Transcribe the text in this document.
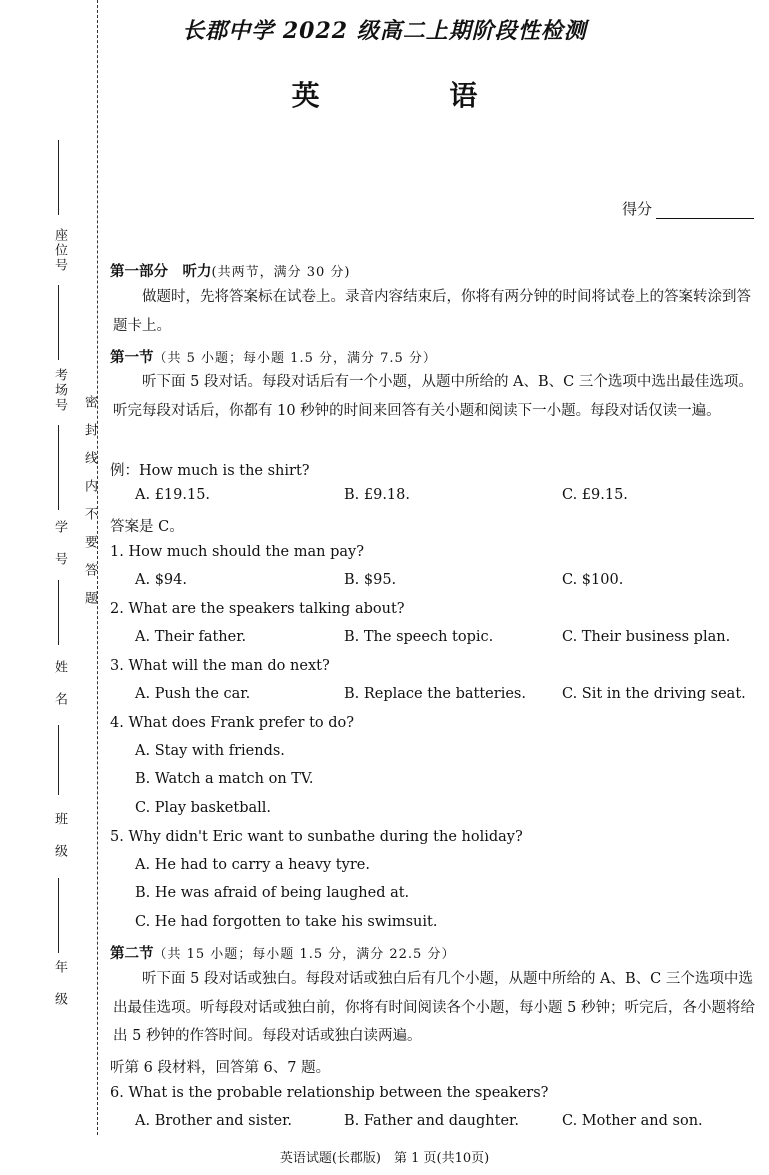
座位号
考场号
学 号
姓 名
班 级
年 级
密封线内不要答题
长郡中学 2022 级高二上期阶段性检测
英 语
得分
第一部分　听力(共两节，满分 30 分)
做题时，先将答案标在试卷上。录音内容结束后，你将有两分钟的时间将试卷上的答案转涂到答题卡上。
第一节（共 5 小题；每小题 1.5 分，满分 7.5 分）
听下面 5 段对话。每段对话后有一个小题，从题中所给的 A、B、C 三个选项中选出最佳选项。听完每段对话后，你都有 10 秒钟的时间来回答有关小题和阅读下一小题。每段对话仅读一遍。
例：How much is the shirt?
A. £19.15.	B. £9.18.	C. £9.15.
答案是 C。
1. How much should the man pay?
A. $94.	B. $95.	C. $100.
2. What are the speakers talking about?
A. Their father.	B. The speech topic.	C. Their business plan.
3. What will the man do next?
A. Push the car.	B. Replace the batteries. C. Sit in the driving seat.
4. What does Frank prefer to do?
A. Stay with friends.
B. Watch a match on TV.
C. Play basketball.
5. Why didn't Eric want to sunbathe during the holiday?
A. He had to carry a heavy tyre.
B. He was afraid of being laughed at.
C. He had forgotten to take his swimsuit.
第二节（共 15 小题；每小题 1.5 分，满分 22.5 分）
听下面 5 段对话或独白。每段对话或独白后有几个小题，从题中所给的 A、B、C 三个选项中选出最佳选项。听每段对话或独白前，你将有时间阅读各个小题，每小题 5 秒钟；听完后，各小题将给出 5 秒钟的作答时间。每段对话或独白读两遍。
听第 6 段材料，回答第 6、7 题。
6. What is the probable relationship between the speakers?
A. Brother and sister.	B. Father and daughter.	C. Mother and son.
英语试题(长郡版)　第 1 页(共10页)
